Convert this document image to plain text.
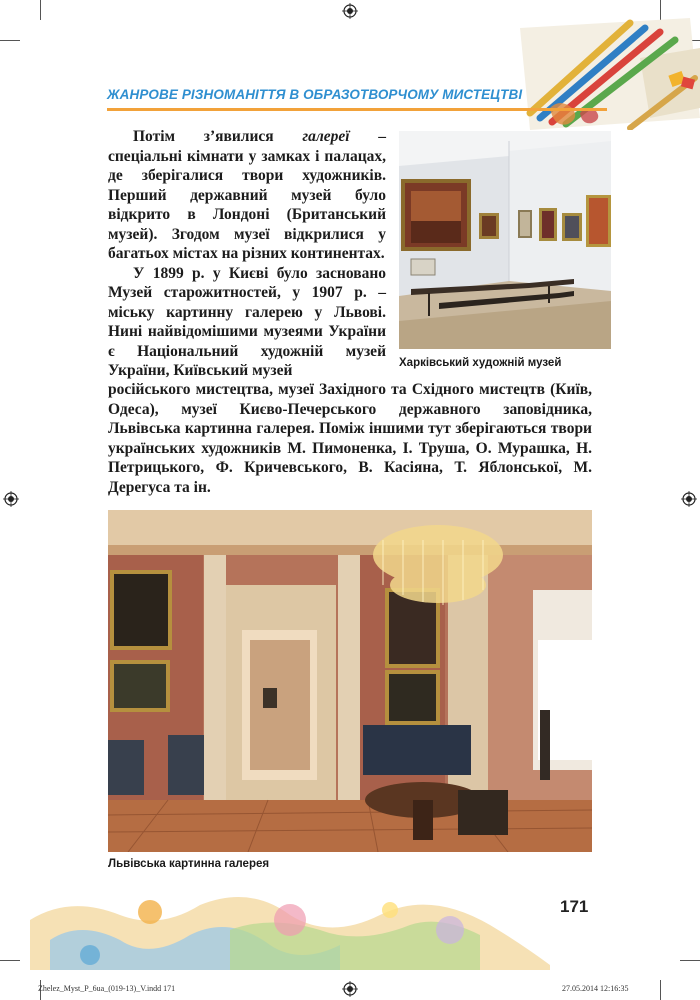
ЖАНРОВЕ РІЗНОМАНІТТЯ В ОБРАЗОТВОРЧОМУ МИСТЕЦТВІ

Потім з’явилися галереї – спеціальні кімнати у замках і палацах, де зберігалися твори художників. Перший державний музей було відкрито в Лондоні (Британський музей). Згодом музеї відкрилися у багатьох містах на різних континентах.

У 1899 р. у Києві було засновано Музей старожитностей, у 1907 р. – міську картинну галерею у Львові. Нині найвідомішими музеями України є Національний художній музей України, Київський музей	Харківський художній музей

російського мистецтва, музеї Західного та Східного мистецтв (Київ, Одеса), музеї Києво-Печерського державного заповідника, Львівська картинна галерея. Поміж іншими тут зберігаються твори українських художників М. Пимоненка, І. Труша, О. Мурашка, Н. Петрицького, Ф. Кричевського, В. Касіяна, Т. Яблонської, М. Дерегуса та ін.

Львівська картинна галерея
171
Zhelez_Myst_P_6ua_(019-13)_V.indd 171	27.05.2014 12:16:35
